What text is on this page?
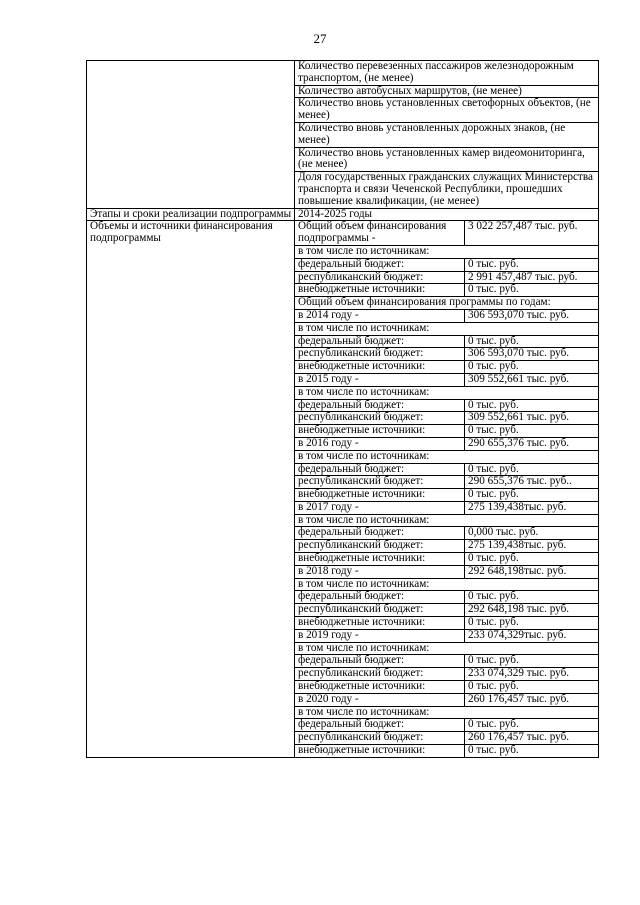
27
	Количество перевезенных пассажиров железнодорожным транспортом, (не менее)	
	Количество автобусных маршрутов, (не менее)	
	Количество вновь установленных светофорных объектов, (не менее)	
	Количество вновь установленных дорожных знаков, (не менее)	
	Количество вновь установленных камер видеомониторинга, (не менее)	
	Доля государственных гражданских служащих Министерства транспорта и связи Чеченской Республики, прошедших повышение квалификации, (не менее)	
Этапы и сроки реализации подпрограммы	2014-2025 годы	
Объемы и источники финансирования подпрограммы	Общий объем финансирования подпрограммы -	3 022 257,487 тыс. руб.
	в том числе по источникам:	
	федеральный бюджет:	0 тыс. руб.
	республиканский бюджет:	2 991 457,487 тыс. руб.
	внебюджетные источники:	0 тыс. руб.
	Общий объем финансирования программы по годам:	
	в 2014 году -	306 593,070 тыс. руб.
	в том числе по источникам:	
	федеральный бюджет:	0 тыс. руб.
	республиканский бюджет:	306 593,070 тыс. руб.
	внебюджетные источники:	0 тыс. руб.
	в 2015 году -	309 552,661 тыс. руб.
	в том числе по источникам:	
	федеральный бюджет:	0 тыс. руб.
	республиканский бюджет:	309 552,661 тыс. руб.
	внебюджетные источники:	0 тыс. руб.
	в 2016 году -	290 655,376 тыс. руб.
	в том числе по источникам:	
	федеральный бюджет:	0 тыс. руб.
	республиканский бюджет:	290 655,376 тыс. руб..
	внебюджетные источники:	0 тыс. руб.
	в 2017 году -	275 139,438тыс. руб.
	в том числе по источникам:	
	федеральный бюджет:	0,000 тыс. руб.
	республиканский бюджет:	275 139,438тыс. руб.
	внебюджетные источники:	0 тыс. руб.
	в 2018 году -	292 648,198тыс. руб.
	в том числе по источникам:	
	федеральный бюджет:	0 тыс. руб.
	республиканский бюджет:	292 648,198 тыс. руб.
	внебюджетные источники:	0 тыс. руб.
	в 2019 году -	233 074,329тыс. руб.
	в том числе по источникам:	
	федеральный бюджет:	0 тыс. руб.
	республиканский бюджет:	233 074,329 тыс. руб.
	внебюджетные источники:	0 тыс. руб.
	в 2020 году -	260 176,457 тыс. руб.
	в том числе по источникам:	
	федеральный бюджет:	0 тыс. руб.
	республиканский бюджет:	260 176,457 тыс. руб.
	внебюджетные источники:	0 тыс. руб.
